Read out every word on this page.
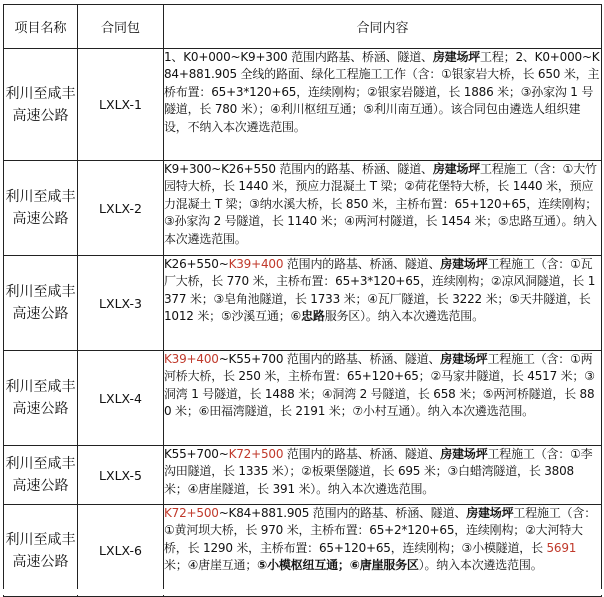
项目名称	合同包	合同内容
利川至咸丰高速公路	LXLX-1	1、K0+000~K9+300 范围内路基、桥涵、隧道、房建场坪工程；2、K0+000~K84+881.905 全线的路面、绿化工程施工工作（含：①银家岩大桥，长 650 米，主桥布置：65+3*120+65，连续刚构；②银家岩隧道，长 1886 米；③孙家沟 1 号隧道，长 780 米）；④利川枢纽互通；⑤利川南互通）。该合同包由遴选人组织建设，不纳入本次遴选范围。
利川至咸丰高速公路	LXLX-2	K9+300~K26+550 范围内的路基、桥涵、隧道、房建场坪工程施工（含：①大竹园特大桥，长 1440 米，预应力混凝土 T 梁；②荷花堡特大桥，长 1440 米，预应力混凝土 T 梁；③纳水溪大桥，长 850 米，主桥布置：65+120+65，连续刚构；③孙家沟 2 号隧道，长 1140 米；④两河村隧道，长 1454 米；⑤忠路互通）。纳入本次遴选范围。
利川至咸丰高速公路	LXLX-3	K26+550~K39+400 范围内的路基、桥涵、隧道、房建场坪工程施工（含：①瓦厂大桥，长 770 米，主桥布置：65+3*120+65，连续刚构；②凉风洞隧道，长 1377 米；③皂角池隧道，长 1733 米；④瓦厂隧道，长 3222 米；⑤天井隧道，长 1012 米；⑤沙溪互通；⑥忠路服务区）。纳入本次遴选范围。
利川至咸丰高速公路	LXLX-4	K39+400~K55+700 范围内的路基、桥涵、隧道、房建场坪工程施工（含：①两河桥大桥，长 250 米，主桥布置：65+120+65；②马家井隧道，长 4517 米；③洞湾 1 号隧道，长 1488 米；④洞湾 2 号隧道，长 658 米；⑤两河桥隧道，长 880 米；⑥田福湾隧道，长 2191 米；⑦小村互通）。纳入本次遴选范围。
利川至咸丰高速公路	LXLX-5	K55+700~K72+500 范围内的路基、桥涵、隧道、房建场坪工程施工（含：①李沟田隧道，长 1335 米）；②板栗堡隧道，长 695 米；③白蜡湾隧道，长 3808 米；④唐崖隧道，长 391 米）。纳入本次遴选范围。
利川至咸丰高速公路	LXLX-6	K72+500~K84+881.905 范围内的路基、桥涵、隧道、房建场坪工程施工（含：①黄河坝大桥，长 970 米，主桥布置：65+2*120+65，连续刚构；②大河特大桥，长 1290 米，主桥布置：65+120+65，连续刚构；③小模隧道，长 5691 米；④唐崖互通；⑤小模枢纽互通；⑥唐崖服务区）。纳入本次遴选范围。
